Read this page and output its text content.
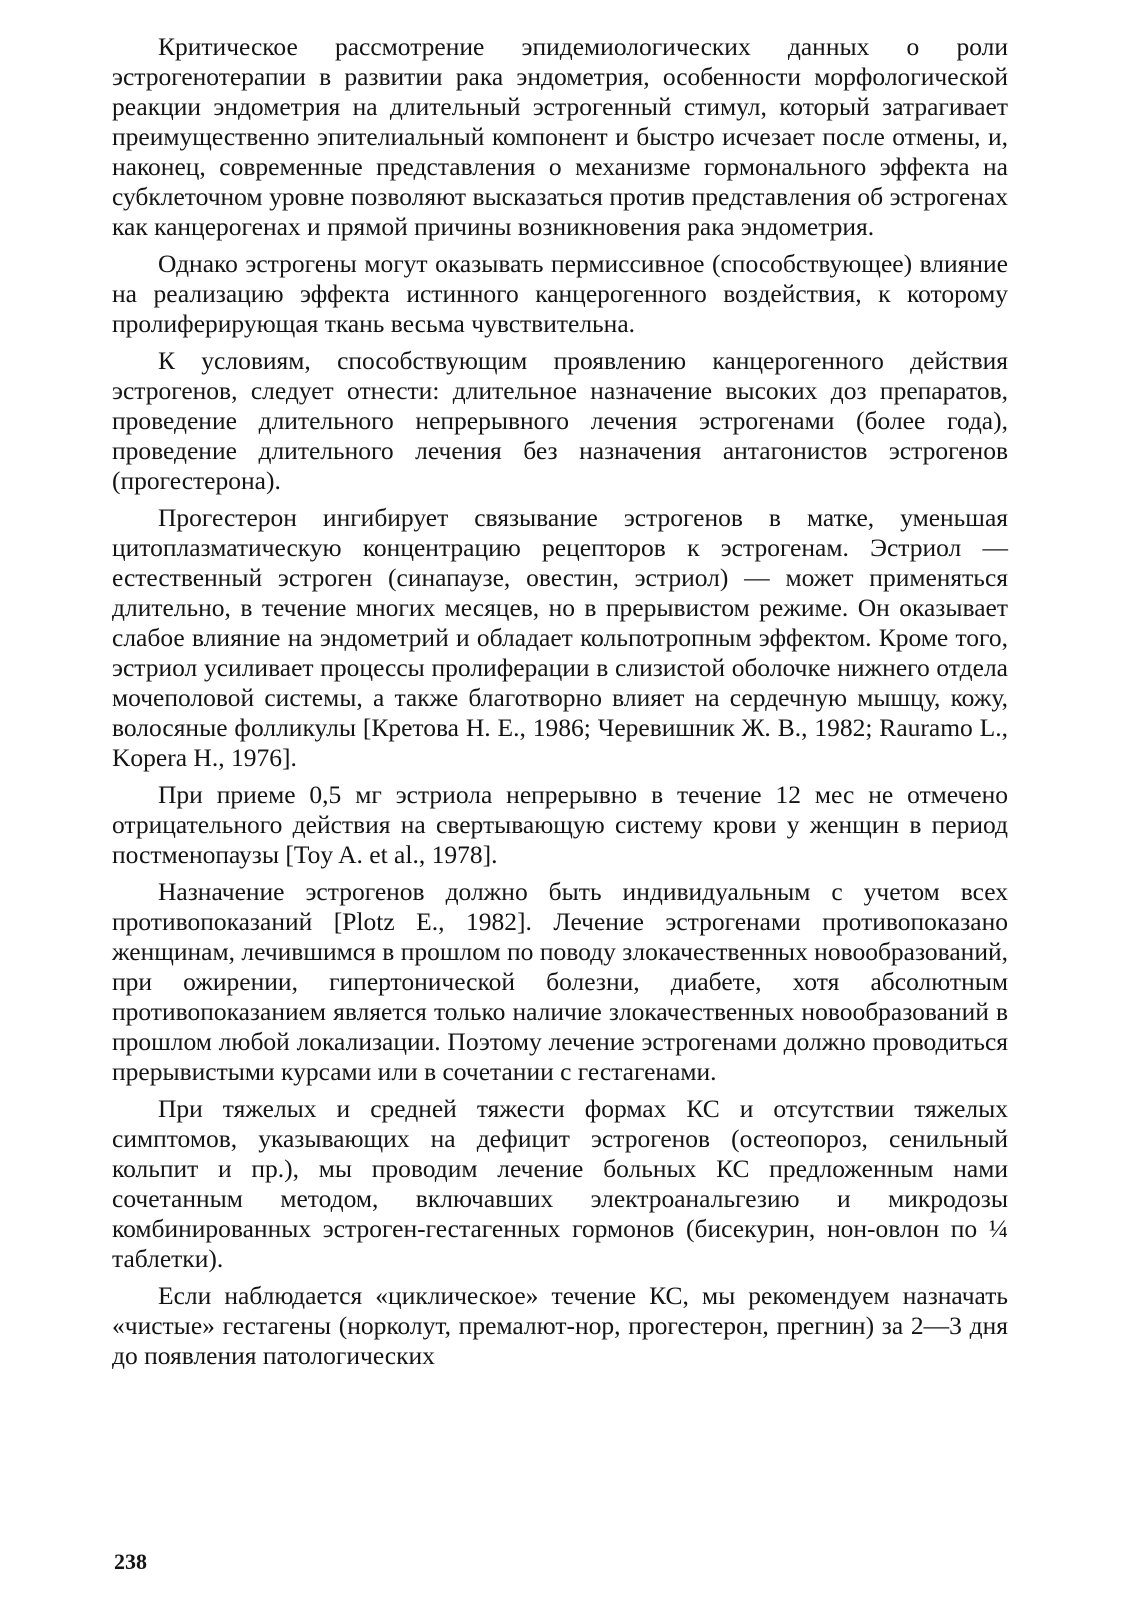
Критическое рассмотрение эпидемиологических данных о роли эстрогенотерапии в развитии рака эндометрия, особенности морфологической реакции эндометрия на длительный эстрогенный стимул, который затрагивает преимущественно эпителиальный компонент и быстро исчезает после отмены, и, наконец, современные представления о механизме гормонального эффекта на субклеточном уровне позволяют высказаться против представления об эстрогенах как канцерогенах и прямой причины возникновения рака эндометрия.

Однако эстрогены могут оказывать пермиссивное (способствующее) влияние на реализацию эффекта истинного канцерогенного воздействия, к которому пролиферирующая ткань весьма чувствительна.

К условиям, способствующим проявлению канцерогенного действия эстрогенов, следует отнести: длительное назначение высоких доз препаратов, проведение длительного непрерывного лечения эстрогенами (более года), проведение длительного лечения без назначения антагонистов эстрогенов (прогестерона).

Прогестерон ингибирует связывание эстрогенов в матке, уменьшая цитоплазматическую концентрацию рецепторов к эстрогенам. Эстриол — естественный эстроген (синапаузе, овестин, эстриол) — может применяться длительно, в течение многих месяцев, но в прерывистом режиме. Он оказывает слабое влияние на эндометрий и обладает кольпотропным эффектом. Кроме того, эстриол усиливает процессы пролиферации в слизистой оболочке нижнего отдела мочеполовой системы, а также благотворно влияет на сердечную мышцу, кожу, волосяные фолликулы [Кретова Н. Е., 1986; Черевишник Ж. В., 1982; Rauramo L., Kopera H., 1976].

При приеме 0,5 мг эстриола непрерывно в течение 12 мес не отмечено отрицательного действия на свертывающую систему крови у женщин в период постменопаузы [Toy A. et al., 1978].

Назначение эстрогенов должно быть индивидуальным с учетом всех противопоказаний [Plotz E., 1982]. Лечение эстрогенами противопоказано женщинам, лечившимся в прошлом по поводу злокачественных новообразований, при ожирении, гипертонической болезни, диабете, хотя абсолютным противопоказанием является только наличие злокачественных новообразований в прошлом любой локализации. Поэтому лечение эстрогенами должно проводиться прерывистыми курсами или в сочетании с гестагенами.

При тяжелых и средней тяжести формах КС и отсутствии тяжелых симптомов, указывающих на дефицит эстрогенов (остеопороз, сенильный кольпит и пр.), мы проводим лечение больных КС предложенным нами сочетанным методом, включавших электроанальгезию и микродозы комбинированных эстроген-гестагенных гормонов (бисекурин, нон-овлон по ¼ таблетки).

Если наблюдается «циклическое» течение КС, мы рекомендуем назначать «чистые» гестагены (норколут, премалют-нор, прогестерон, прегнин) за 2—3 дня до появления патологических

238
